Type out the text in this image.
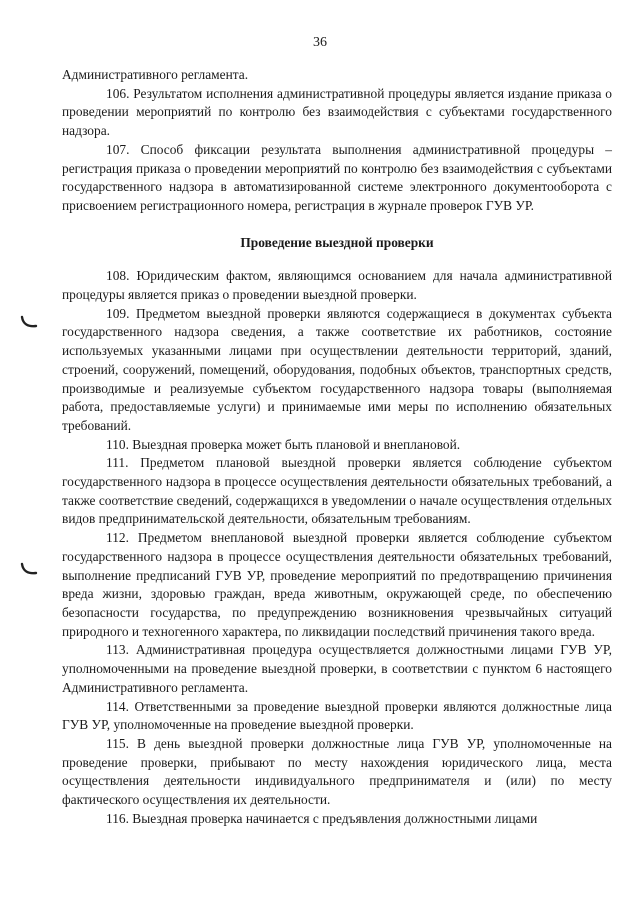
36

Административного регламента.

106. Результатом исполнения административной процедуры является издание приказа о проведении мероприятий по контролю без взаимодействия с субъектами государственного надзора.

107. Способ фиксации результата выполнения административной процедуры – регистрация приказа о проведении мероприятий по контролю без взаимодействия с субъектами государственного надзора в автоматизированной системе электронного документооборота с присвоением регистрационного номера, регистрация в журнале проверок ГУВ УР.

Проведение выездной проверки

108. Юридическим фактом, являющимся основанием для начала административной процедуры является приказ о проведении выездной проверки.

109. Предметом выездной проверки являются содержащиеся в документах субъекта государственного надзора сведения, а также соответствие их работников, состояние используемых указанными лицами при осуществлении деятельности территорий, зданий, строений, сооружений, помещений, оборудования, подобных объектов, транспортных средств, производимые и реализуемые субъектом государственного надзора товары (выполняемая работа, предоставляемые услуги) и принимаемые ими меры по исполнению обязательных требований.

110. Выездная проверка может быть плановой и внеплановой.

111. Предметом плановой выездной проверки является соблюдение субъектом государственного надзора в процессе осуществления деятельности обязательных требований, а также соответствие сведений, содержащихся в уведомлении о начале осуществления отдельных видов предпринимательской деятельности, обязательным требованиям.

112. Предметом внеплановой выездной проверки является соблюдение субъектом государственного надзора в процессе осуществления деятельности обязательных требований, выполнение предписаний ГУВ УР, проведение мероприятий по предотвращению причинения вреда жизни, здоровью граждан, вреда животным, окружающей среде, по обеспечению безопасности государства, по предупреждению возникновения чрезвычайных ситуаций природного и техногенного характера, по ликвидации последствий причинения такого вреда.

113. Административная процедура осуществляется должностными лицами ГУВ УР, уполномоченными на проведение выездной проверки, в соответствии с пунктом 6 настоящего Административного регламента.

114. Ответственными за проведение выездной проверки являются должностные лица ГУВ УР, уполномоченные на проведение выездной проверки.

115. В день выездной проверки должностные лица ГУВ УР, уполномоченные на проведение проверки, прибывают по месту нахождения юридического лица, места осуществления деятельности индивидуального предпринимателя и (или) по месту фактического осуществления их деятельности.

116. Выездная проверка начинается с предъявления должностными лицами
